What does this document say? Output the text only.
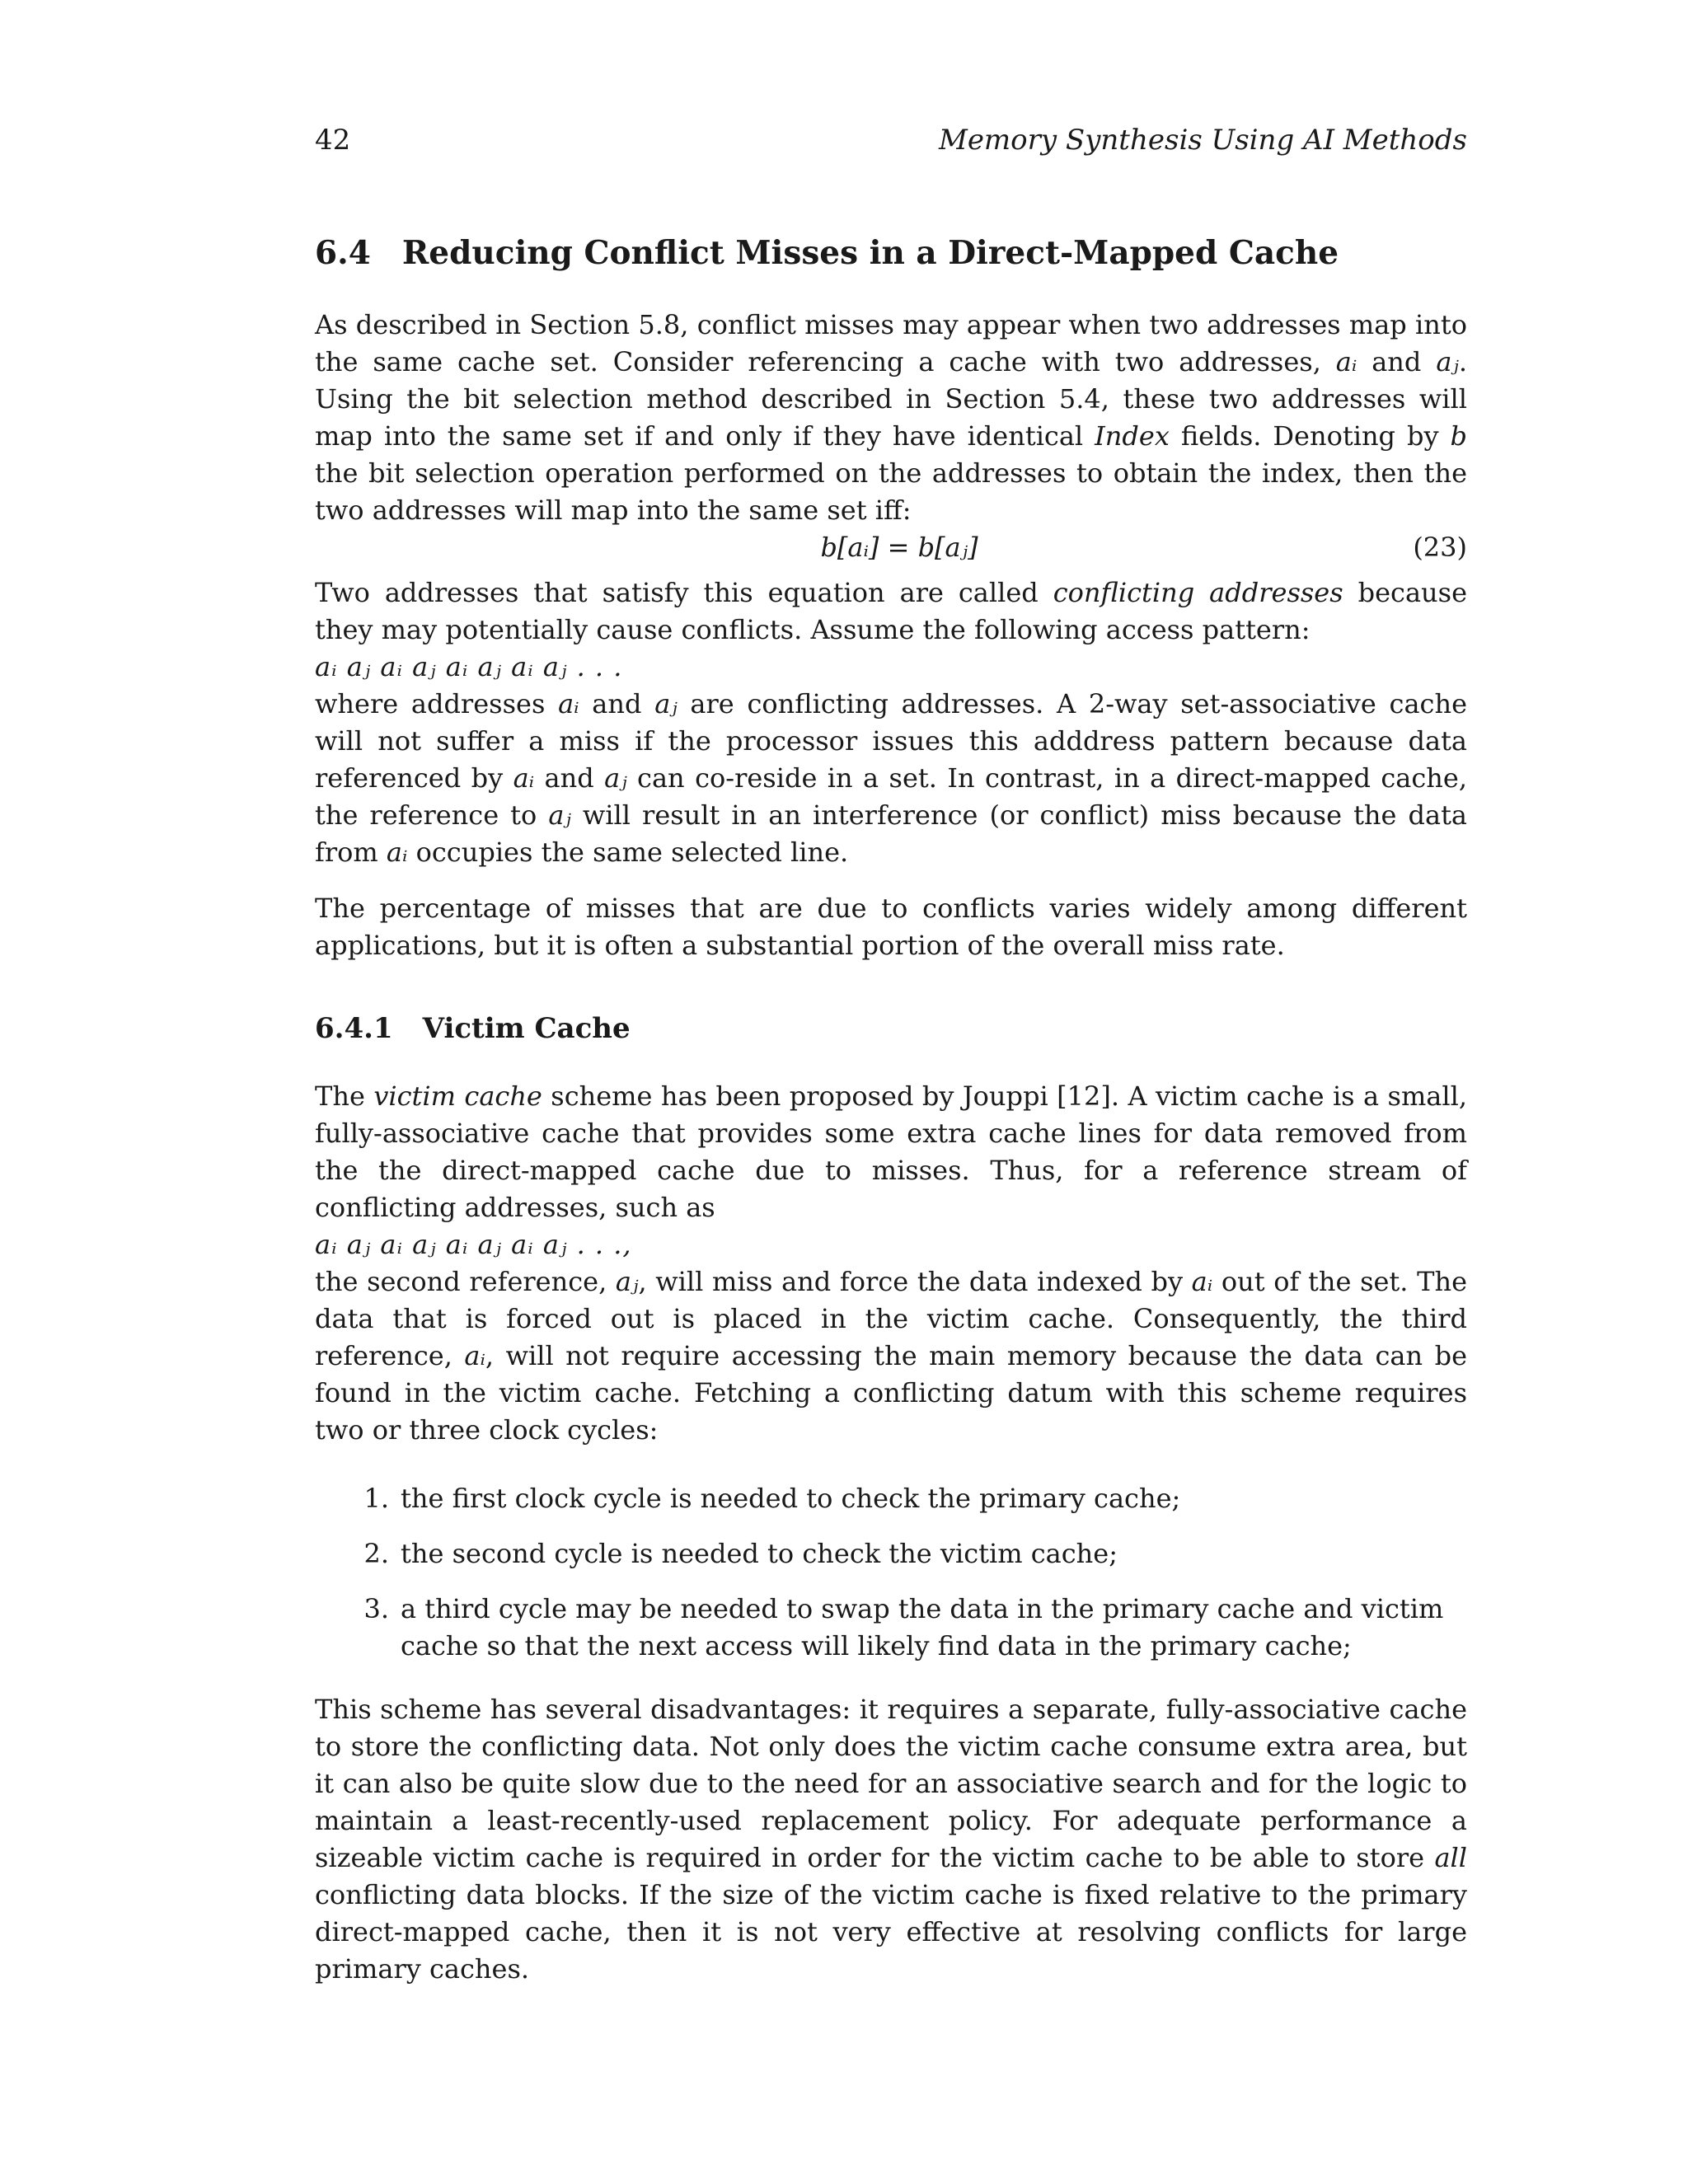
42	Memory Synthesis Using AI Methods
6.4 Reducing Conflict Misses in a Direct-Mapped Cache

As described in Section 5.8, conflict misses may appear when two addresses map into the same cache set. Consider referencing a cache with two addresses, aᵢ and aⱼ. Using the bit selection method described in Section 5.4, these two addresses will map into the same set if and only if they have identical Index fields. Denoting by b the bit selection operation performed on the addresses to obtain the index, then the two addresses will map into the same set iff:

b[aᵢ] = b[aⱼ]	(23)

Two addresses that satisfy this equation are called conflicting addresses because they may potentially cause conflicts. Assume the following access pattern:

aᵢ aⱼ aᵢ aⱼ aᵢ aⱼ aᵢ aⱼ . . .

where addresses aᵢ and aⱼ are conflicting addresses. A 2-way set-associative cache will not suffer a miss if the processor issues this adddress pattern because data referenced by aᵢ and aⱼ can co-reside in a set. In contrast, in a direct-mapped cache, the reference to aⱼ will result in an interference (or conflict) miss because the data from aᵢ occupies the same selected line.

The percentage of misses that are due to conflicts varies widely among different applications, but it is often a substantial portion of the overall miss rate.

6.4.1 Victim Cache

The victim cache scheme has been proposed by Jouppi [12]. A victim cache is a small, fully-associative cache that provides some extra cache lines for data removed from the the direct-mapped cache due to misses. Thus, for a reference stream of conflicting addresses, such as

aᵢ aⱼ aᵢ aⱼ aᵢ aⱼ aᵢ aⱼ . . .,

the second reference, aⱼ, will miss and force the data indexed by aᵢ out of the set. The data that is forced out is placed in the victim cache. Consequently, the third reference, aᵢ, will not require accessing the main memory because the data can be found in the victim cache. Fetching a conflicting datum with this scheme requires two or three clock cycles:

1. the first clock cycle is needed to check the primary cache;
2. the second cycle is needed to check the victim cache;
3. a third cycle may be needed to swap the data in the primary cache and victim cache so that the next access will likely find data in the primary cache;

This scheme has several disadvantages: it requires a separate, fully-associative cache to store the conflicting data. Not only does the victim cache consume extra area, but it can also be quite slow due to the need for an associative search and for the logic to maintain a least-recently-used replacement policy. For adequate performance a sizeable victim cache is required in order for the victim cache to be able to store all conflicting data blocks. If the size of the victim cache is fixed relative to the primary direct-mapped cache, then it is not very effective at resolving conflicts for large primary caches.
